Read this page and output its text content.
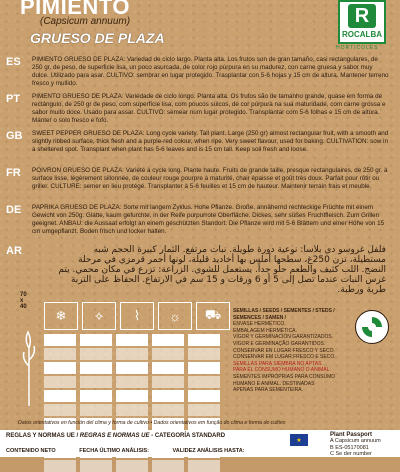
PIMIENTO
(Capsicum annuum)
GRUESO DE PLAZA
R
ROCALBA
HORTICOLES
ES PIMIENTO GRUESO DE PLAZA: Variedad de ciclo largo. Planta alta. Los frutos son de gran tamaño, casi rectangulares, de 250 gr. de peso, de superficie lisa, un poco asurcada, de color rojo púrpura en su madurez, con carne gruesa y sabor muy dulce. Utilizado para asar. CULTIVO: sembrar en lugar protegido. Trasplantar con 5-6 hojas y 15 cm de altura. Mantener terreno fresco y mullido.
PT PIMENTO GRUESO DE PLAZA: Variedade de ciclo longo. Planta alta. Os frutos são de tamanho grande, quase em forma de rectângulo, de 250 gr de peso, com superfície lisa, com poucos sulcos, de cor púrpura na sua maturidade, com carne grossa e sabor muito doce. Usado para assar. CULTIVO: semear num lugar protegido. Transplantar com 5-6 folhas e 15 cm de altura. Manter o solo fresco e fofo.
GB SWEET PEPPER GRUESO DE PLAZA: Long cycle variety. Tall plant. Large (250 gr) almost rectangular fruit, with a smooth and slightly ribbed surface, thick flesh and a purple-red colour, when ripe. Very sweet flavour, used for baking. CULTIVATION: sow in a sheltered spot. Transplant when plant has 5-6 leaves and is 15 cm tall. Keep soil fresh and loose.
FR POIVRON GRUESO DE PLAZA: Variété à cycle long. Plante haute. Fruits de grande taille, presque rectangulaires, de 250 gr. à surface lisse, légèrement sillonnée, de couleur rouge pourpre à maturité, chair épaisse et goût très doux. Parfait pour rôtir ou griller. CULTURE: semer en lieu protégé. Transplanter à 5-6 feuilles et 15 cm de hauteur. Maintenir terrain frais et meuble.
DE PAPRIKA GRUESO DE PLAZA: Sorte mit langem Zyklus. Hohe Pflanze. Große, annähernd rechteckige Früchte mit einem Gewicht von 250g. Glatte, kaum gefurchte, in der Reife purpurrote Oberfläche. Dickes, sehr süßes Fruchtfleisch. Zum Grillen geeignet. ANBAU: die Aussaat erfolgt an einem geschützten Standort. Die Pflanze wird mit 5-6 Blättern und einer Höhe von 15 cm umgepflanzt. Boden frisch und locker halten.
AR	فلفل غروسو دي بلاسا: نوعية دورة طويلة. نبات مرتفع. الثمار كبيرة الحجم شبه مستطيلة، تزن 250غ، سطحها أملس بها أخاديد قليلة، لونها أحمر قرمزي في مرحلة النضج. اللب كثيف والطعم حلو جداً. يستعمل للشوي. الزراعة: تزرع في مكان محمي. يتم غرس النبات عندما تصل إلى 5 أو 6 ورقات و 15 سم في الارتفاع. الحفاظ على التربة طرية ورطبة.
70 x 40
❄	⟡	⌇	☼	⛟	SEMILLAS / SEEDS / SEMENTES / STEDS / SEMENCES / SAMEN /
ENVASE HERMÉTICO.
EMBALAGEM HERMÉTICA.
VIGOR Y GERMINACIÓN GARANTIZADOS.
VIGOR E GERMINAÇÃO GARANTIDOS.
CONSERVAR EN LUGAR FRESCO Y SECO.
CONSERVAR EM LUGAR FRESCO E SECO.
SEMILLAS PARA SIEMBRA NO APTAS
PARA EL CONSUMO HUMANO O ANIMAL.
SEMENTES IMPRÓPRIAS PARA CONSUMO
HUMANO E ANIMAL. DESTINADAS
APENAS PARA SEMENTEIRA.
Datos orientativos en función del clima y forma de cultivo • Dados orientativos em função do clima e forma de cultivo
REGLAS Y NORMAS UE / REGRAS E NORMAS UE - CATEGORÍA STANDARD
CONTENIDO NETO	FECHA ÚLTIMO ANÁLISIS:	VALIDEZ ANÁLISIS HASTA:
★
Plant Passport
A Capsicum annuum
B ES-05170081
C Se der number
